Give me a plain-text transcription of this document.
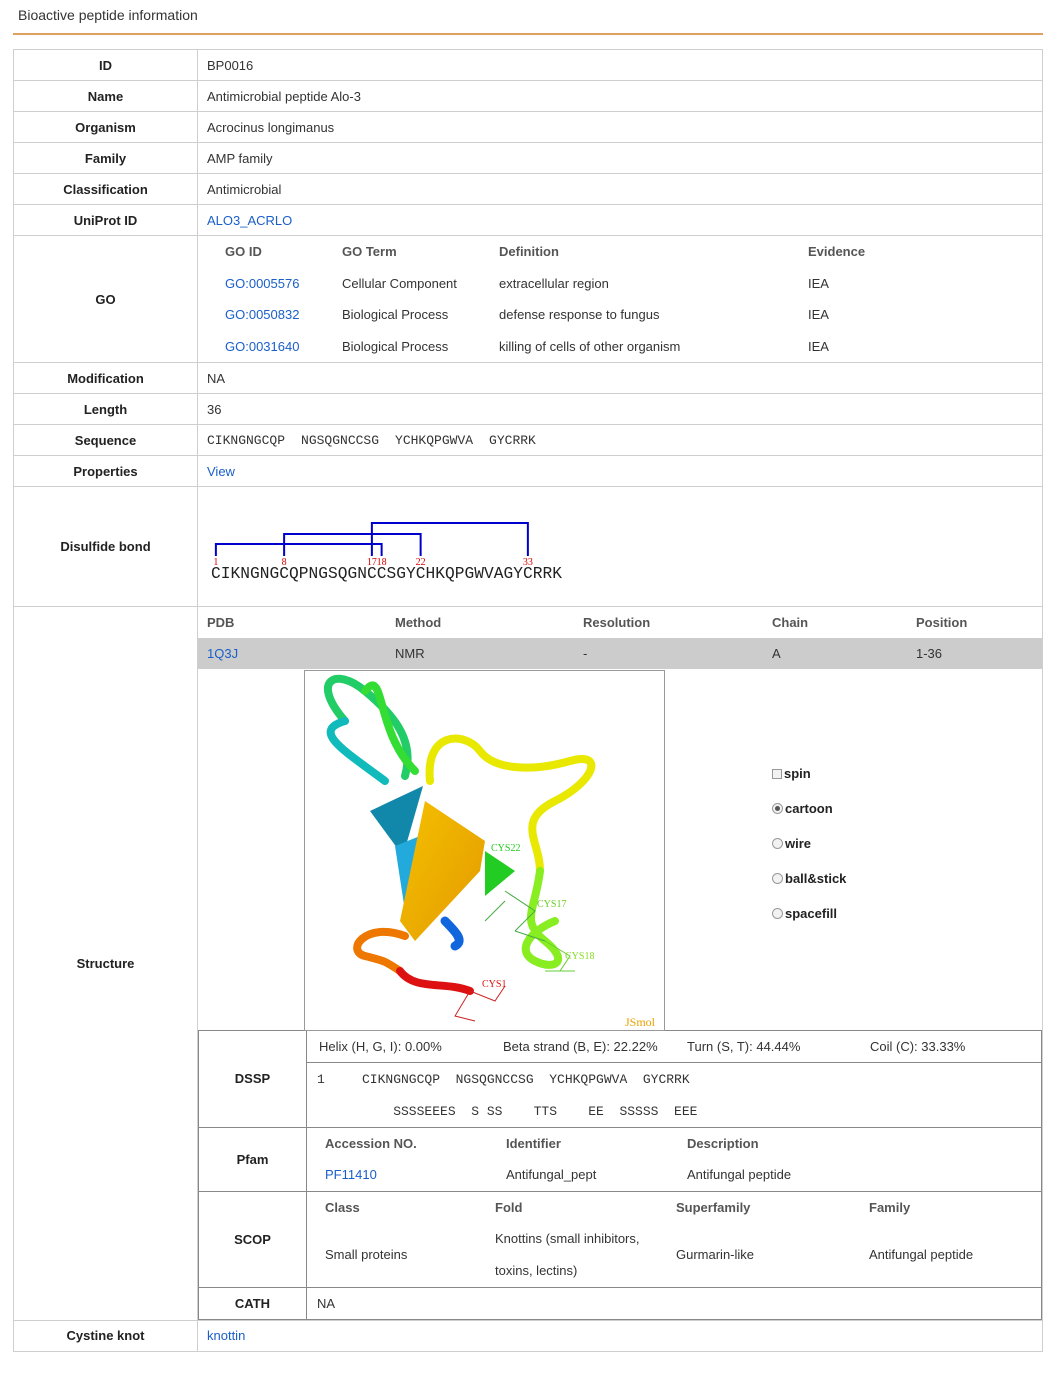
Bioactive peptide information
ID	BP0016
Name	Antimicrobial peptide Alo-3
Organism	Acrocinus longimanus
Family	AMP family
Classification	Antimicrobial
UniProt ID	ALO3_ACRLO
GO	
	GO ID	GO Term	Definition	Evidence
	GO:0005576	Cellular Component	extracellular region	IEA
	GO:0050832	Biological Process	defense response to fungus	IEA
	GO:0031640	Biological Process	killing of cells of other organism	IEA

Modification	NA
Length	36
Sequence	CIKNGNGCQP NGSQGNCCSG YCHKQPGWVA GYCRRK
Properties	View
Disulfide bond	
CIKNGNGCQPNGSQGNCCSGYCHKQPGWVAGYCRRK
1	8	17 18	22	33

Structure	
	PDB	Method	Resolution	Chain	Position
	1Q3J	NMR	-	A	1-36
CYS22
CYS17
CYS18
CYS1
JSmol
spin
cartoon
wire
ball&stick
spacefill
DSSP	
	Helix (H, G, I): 0.00%	Beta strand (B, E): 22.22%	Turn (S, T): 44.44%	Coil (C): 33.33%
1	CIKNGNGCQP  NGSQGNCCSG  YCHKQPGWVA  GYCRRK
SSSSEEES  S SS    TTS    EE  SSSSS  EEE

Pfam	
	Accession NO.	Identifier	Description
	PF11410	Antifungal_pept	Antifungal peptide

SCOP	
	Class	Fold	Superfamily	Family
	Small proteins	Knottins (small inhibitors, toxins, lectins)	Gurmarin-like	Antifungal peptide

CATH	NA

Cystine knot	knottin
